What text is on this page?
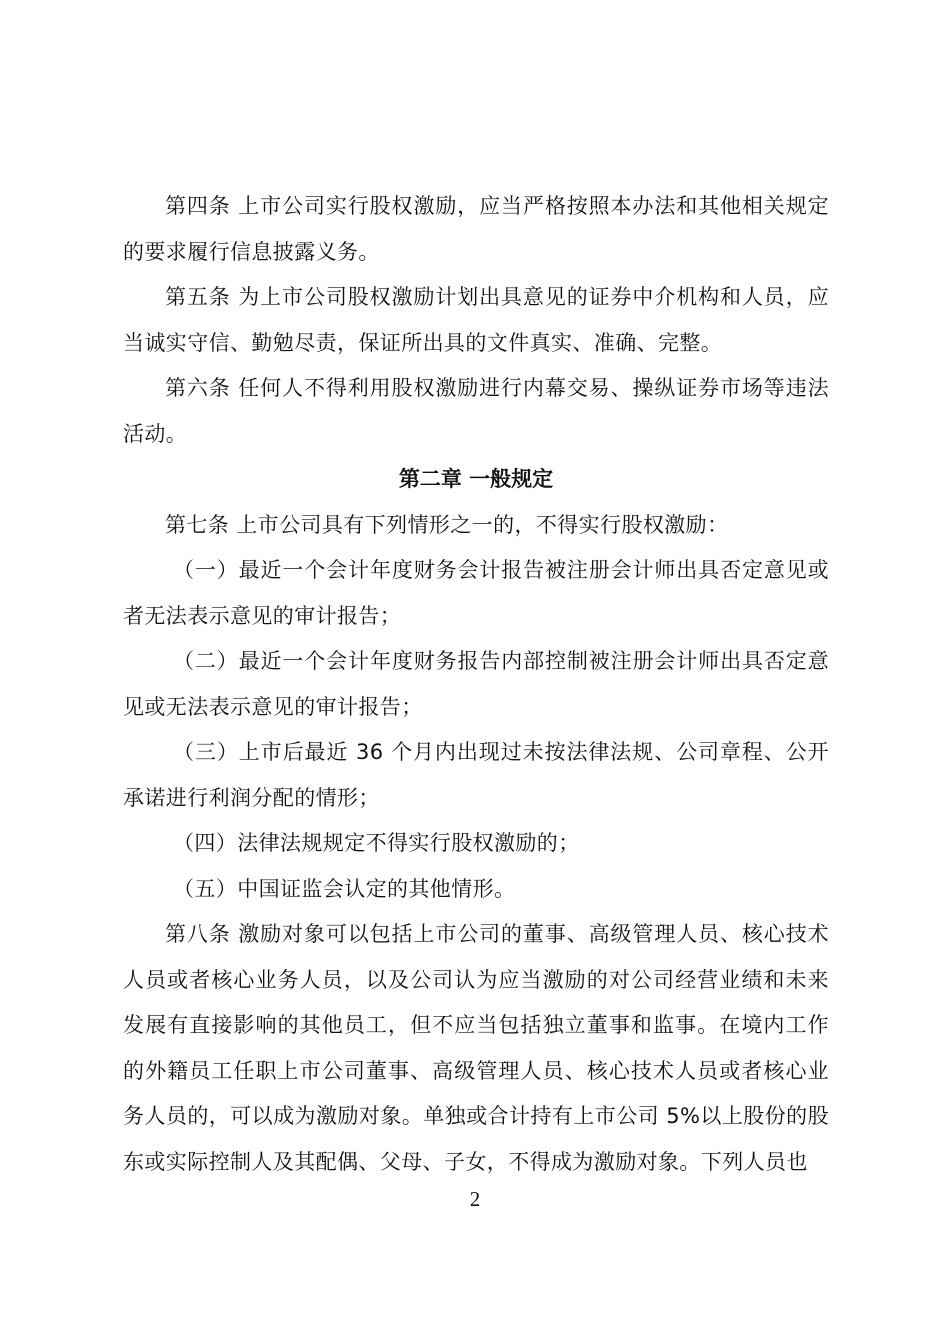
第四条 上市公司实行股权激励，应当严格按照本办法和其他相关规定的要求履行信息披露义务。

第五条 为上市公司股权激励计划出具意见的证券中介机构和人员，应当诚实守信、勤勉尽责，保证所出具的文件真实、准确、完整。

第六条 任何人不得利用股权激励进行内幕交易、操纵证券市场等违法活动。

第二章 一般规定

第七条 上市公司具有下列情形之一的，不得实行股权激励：

（一）最近一个会计年度财务会计报告被注册会计师出具否定意见或者无法表示意见的审计报告；

（二）最近一个会计年度财务报告内部控制被注册会计师出具否定意见或无法表示意见的审计报告；

（三）上市后最近 36 个月内出现过未按法律法规、公司章程、公开承诺进行利润分配的情形；

（四）法律法规规定不得实行股权激励的；

（五）中国证监会认定的其他情形。

第八条 激励对象可以包括上市公司的董事、高级管理人员、核心技术人员或者核心业务人员，以及公司认为应当激励的对公司经营业绩和未来发展有直接影响的其他员工，但不应当包括独立董事和监事。在境内工作的外籍员工任职上市公司董事、高级管理人员、核心技术人员或者核心业务人员的，可以成为激励对象。单独或合计持有上市公司 5%以上股份的股东或实际控制人及其配偶、父母、子女，不得成为激励对象。下列人员也

2
